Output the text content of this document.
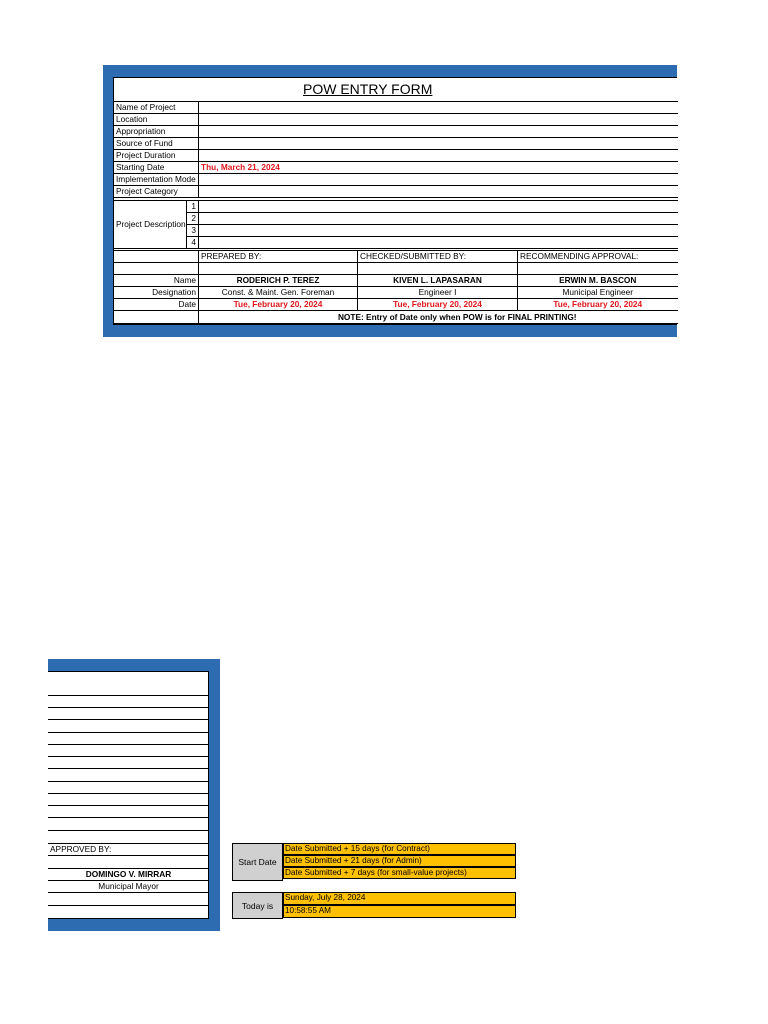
POW ENTRY FORM
Name of Project	
Location	
Appropriation	
Source of Fund	
Project Duration	
Starting Date	Thu, March 21, 2024
Implementation Mode	
Project Category	
Project Description	1	
	2	
	3	
	4	
	PREPARED BY:	CHECKED/SUBMITTED BY:	RECOMMENDING APPROVAL:

Name	RODERICH P. TEREZ	KIVEN L. LAPASARAN	ERWIN M. BASCON
Designation	Const. & Maint. Gen. Foreman	Engineer I	Municipal Engineer
Date	Tue, February 20, 2024	Tue, February 20, 2024	Tue, February 20, 2024
	NOTE: Entry of Date only when POW is for FINAL PRINTING!		
APPROVED BY:
DOMINGO V. MIRRAR
Municipal Mayor
Start Date
Date Submitted + 15 days (for Contract)
Date Submitted + 21 days (for Admin)
Date Submitted + 7 days (for small-value projects)
Today is
Sunday, July 28, 2024
10:58:55 AM
